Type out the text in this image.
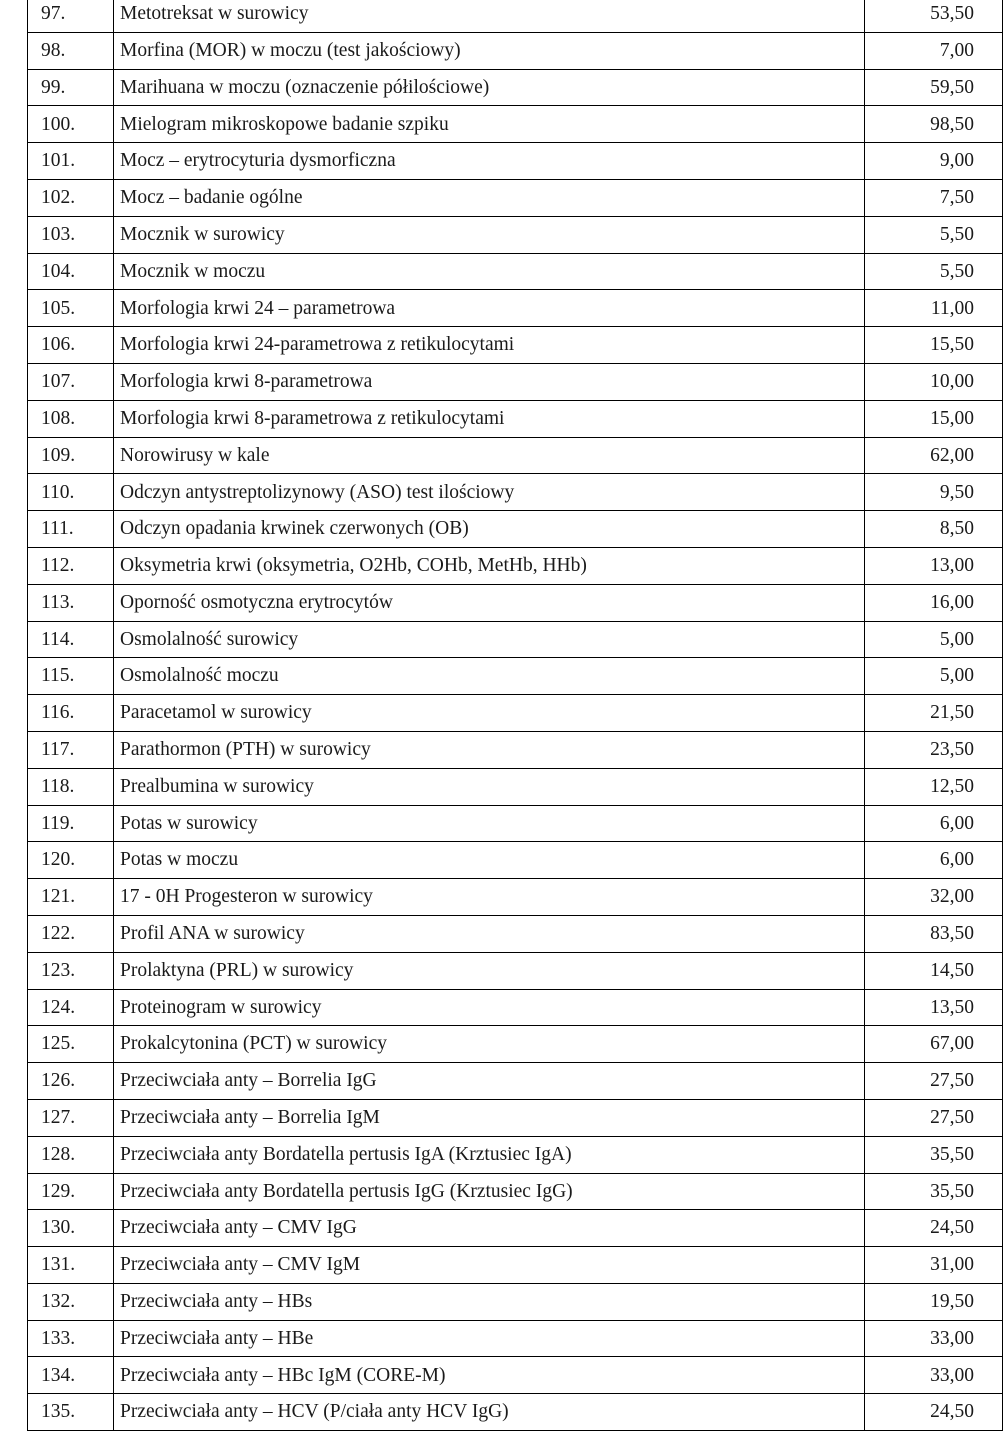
97.	Metotreksat w surowicy	53,50
98.	Morfina (MOR) w moczu (test jakościowy)	7,00
99.	Marihuana w moczu (oznaczenie półilościowe)	59,50
100.	Mielogram mikroskopowe badanie szpiku	98,50
101.	Mocz – erytrocyturia dysmorficzna	9,00
102.	Mocz – badanie ogólne	7,50
103.	Mocznik w surowicy	5,50
104.	Mocznik w moczu	5,50
105.	Morfologia krwi 24 – parametrowa	11,00
106.	Morfologia krwi 24-parametrowa z retikulocytami	15,50
107.	Morfologia krwi 8-parametrowa	10,00
108.	Morfologia krwi 8-parametrowa z retikulocytami	15,00
109.	Norowirusy w kale	62,00
110.	Odczyn antystreptolizynowy (ASO) test ilościowy	9,50
111.	Odczyn opadania krwinek czerwonych (OB)	8,50
112.	Oksymetria krwi (oksymetria, O2Hb, COHb, MetHb, HHb)	13,00
113.	Oporność osmotyczna erytrocytów	16,00
114.	Osmolalność surowicy	5,00
115.	Osmolalność moczu	5,00
116.	Paracetamol w surowicy	21,50
117.	Parathormon (PTH) w surowicy	23,50
118.	Prealbumina w surowicy	12,50
119.	Potas w surowicy	6,00
120.	Potas w moczu	6,00
121.	17 - 0H Progesteron w surowicy	32,00
122.	Profil ANA w surowicy	83,50
123.	Prolaktyna (PRL) w surowicy	14,50
124.	Proteinogram w surowicy	13,50
125.	Prokalcytonina (PCT) w surowicy	67,00
126.	Przeciwciała anty – Borrelia IgG	27,50
127.	Przeciwciała anty – Borrelia IgM	27,50
128.	Przeciwciała anty Bordatella pertusis IgA (Krztusiec IgA)	35,50
129.	Przeciwciała anty Bordatella pertusis IgG (Krztusiec IgG)	35,50
130.	Przeciwciała anty – CMV IgG	24,50
131.	Przeciwciała anty – CMV IgM	31,00
132.	Przeciwciała anty – HBs	19,50
133.	Przeciwciała anty – HBe	33,00
134.	Przeciwciała anty – HBc IgM (CORE-M)	33,00
135.	Przeciwciała anty – HCV (P/ciała anty HCV IgG)	24,50
